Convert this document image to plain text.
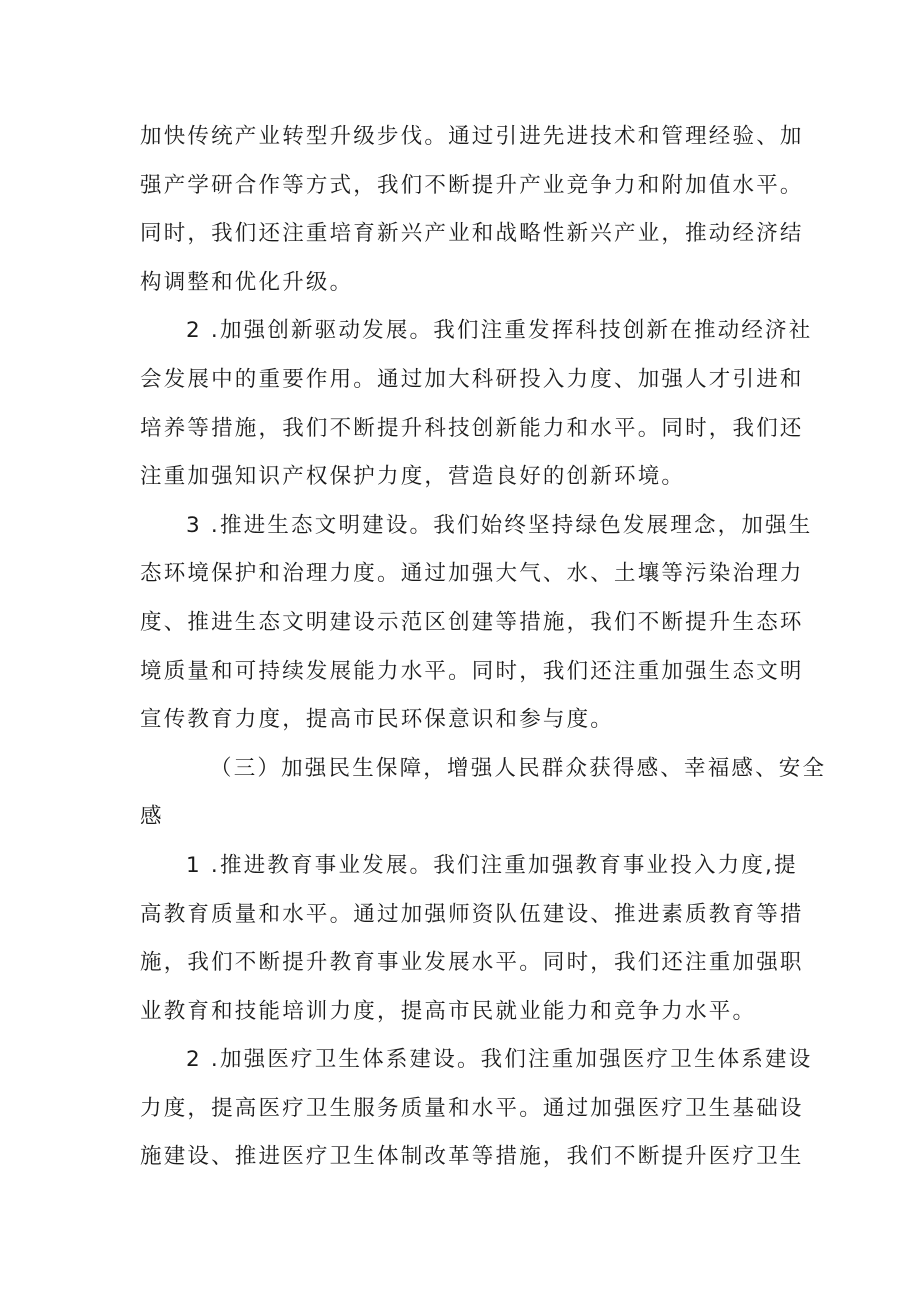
加快传统产业转型升级步伐。通过引进先进技术和管理经验、加
强产学研合作等方式，我们不断提升产业竞争力和附加值水平。
同时，我们还注重培育新兴产业和战略性新兴产业，推动经济结
构调整和优化升级。
2 .加强创新驱动发展。我们注重发挥科技创新在推动经济社
会发展中的重要作用。通过加大科研投入力度、加强人才引进和
培养等措施，我们不断提升科技创新能力和水平。同时，我们还
注重加强知识产权保护力度，营造良好的创新环境。
3 .推进生态文明建设。我们始终坚持绿色发展理念，加强生
态环境保护和治理力度。通过加强大气、水、土壤等污染治理力
度、推进生态文明建设示范区创建等措施，我们不断提升生态环
境质量和可持续发展能力水平。同时，我们还注重加强生态文明
宣传教育力度，提高市民环保意识和参与度。
（三）加强民生保障，增强人民群众获得感、幸福感、安全
感
1 .推进教育事业发展。我们注重加强教育事业投入力度,提
高教育质量和水平。通过加强师资队伍建设、推进素质教育等措
施，我们不断提升教育事业发展水平。同时，我们还注重加强职
业教育和技能培训力度，提高市民就业能力和竞争力水平。
2 .加强医疗卫生体系建设。我们注重加强医疗卫生体系建设
力度，提高医疗卫生服务质量和水平。通过加强医疗卫生基础设
施建设、推进医疗卫生体制改革等措施，我们不断提升医疗卫生
